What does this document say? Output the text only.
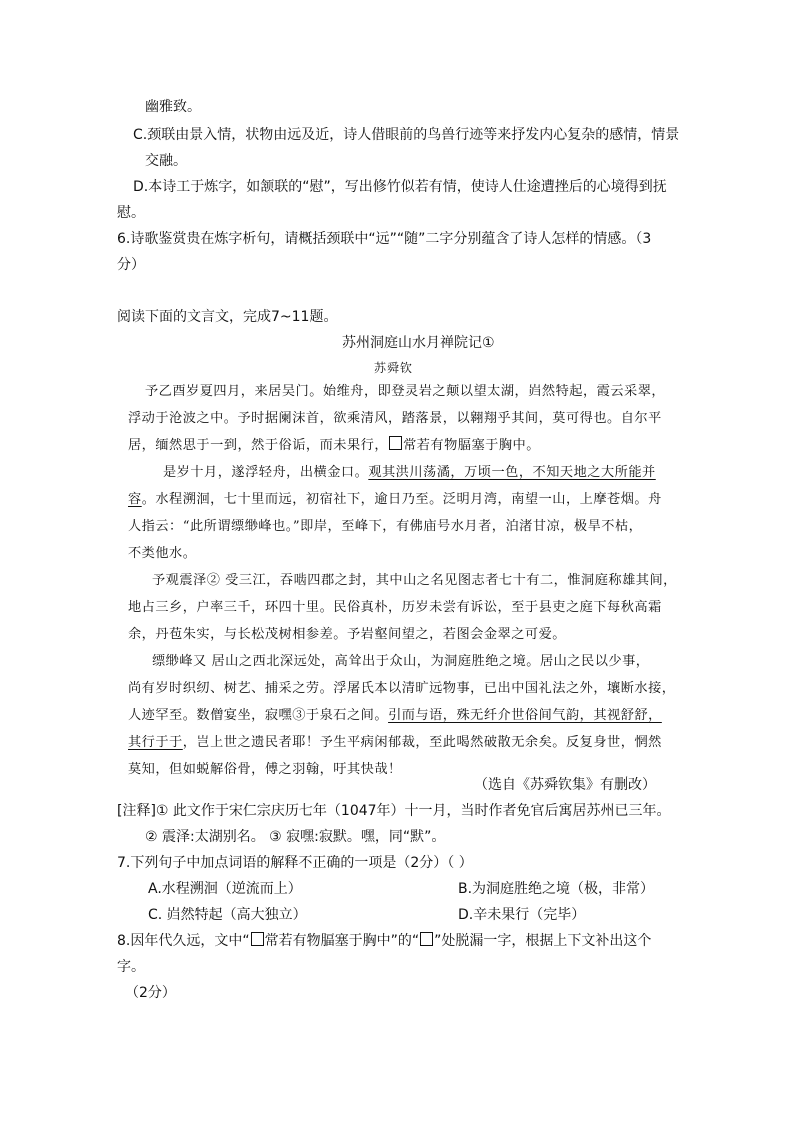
幽雅致。
C.颈联由景入情，状物由远及近，诗人借眼前的鸟兽行迹等来抒发内心复杂的感情，情景
交融。
D.本诗工于炼字，如颔联的“慰”，写出修竹似若有情，使诗人仕途遭挫后的心境得到抚
慰。
6.诗歌鉴赏贵在炼字析句，请概括颈联中“远”“随”二字分别蕴含了诗人怎样的情感。（3
分）
阅读下面的文言文，完成7~11题。
苏州洞庭山水月禅院记①
苏舜钦
予乙酉岁夏四月，来居吴门。始维舟，即登灵岩之颠以望太湖，岿然特起，霞云采翠，
浮动于沧波之中。予时据阑沫首，欲乘清风，踏落景，以翱翔乎其间，莫可得也。自尔平
居，缅然思于一到，然于俗诟，而未果行， 常若有物腷塞于胸中。
是岁十月，遂浮轻舟，出横金口。观其洪川荡潏，万顷一色，不知天地之大所能并
容。水程溯洄，七十里而远，初宿社下，逾日乃至。泛明月湾，南望一山，上摩苍烟。舟
人指云：“此所谓缥缈峰也。”即岸，至峰下，有佛庙号水月者，泊渚甘凉，极旱不枯，
不类他水。
予观震泽② 受三江，吞啮四郡之封，其中山之名见图志者七十有二，惟洞庭称雄其间，
地占三乡，户率三千，环四十里。民俗真朴，历岁未尝有诉讼，至于县吏之庭下每秋高霜
余，丹苞朱实，与长松茂树相参差。予岩壑间望之，若图会金翠之可爱。
缥缈峰又 居山之西北深远处，高耸出于众山，为洞庭胜绝之境。居山之民以少事，
尚有岁时织纫、树艺、捕采之劳。浮屠氏本以清旷远物事，已出中国礼法之外，壤断水接，
人迹罕至。数僧宴坐，寂嘿③于泉石之间。引而与语，殊无纤介世俗间气韵，其视舒舒，
其行于于，岂上世之遗民者耶！予生平病闲郁裁，至此喝然破散无余矣。反复身世，惘然
莫知，但如蜕解俗骨，傅之羽翰，吁其快哉！
（选自《苏舜钦集》有删改）
[注释]① 此文作于宋仁宗庆历七年（1047年）十一月，当时作者免官后寓居苏州已三年。
② 震泽:太湖别名。 ③ 寂嘿:寂默。嘿，同“默”。
7.下列句子中加点词语的解释不正确的一项是（2分）（ ）
A.水程溯洄（逆流而上）	B.为洞庭胜绝之境（极，非常）
C. 岿然特起（高大独立）	D.辛未果行（完毕）
8.因年代久远，文中“ 常若有物腷塞于胸中”的“ ”处脱漏一字，根据上下文补出这个
字。
（2分）
